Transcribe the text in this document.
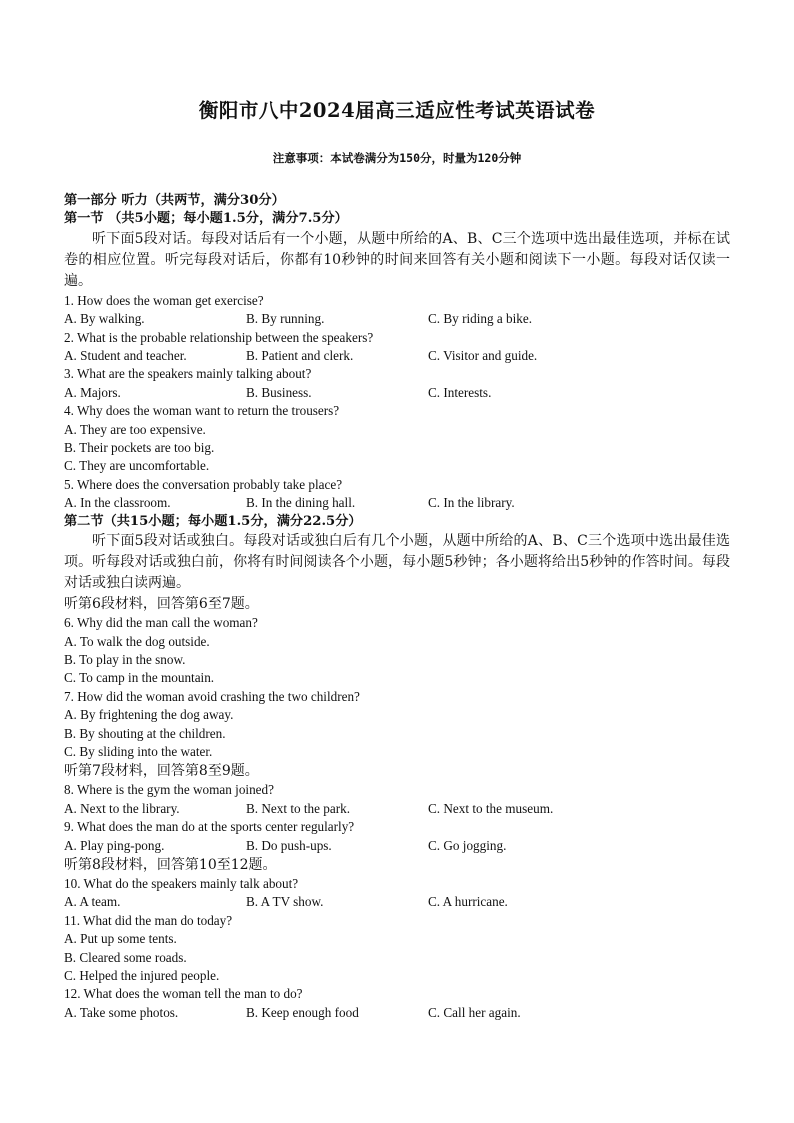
衡阳市八中2024届高三适应性考试英语试卷
注意事项：本试卷满分为150分，时量为120分钟
第一部分 听力（共两节，满分30分）
第一节 （共5小题；每小题1.5分，满分7.5分）
听下面5段对话。每段对话后有一个小题，从题中所给的A、B、C三个选项中选出最佳选项，并标在试卷的相应位置。听完每段对话后，你都有10秒钟的时间来回答有关小题和阅读下一小题。每段对话仅读一遍。
1. How does the woman get exercise?
A. By walking.	B. By running.	C. By riding a bike.
2. What is the probable relationship between the speakers?
A. Student and teacher.	B. Patient and clerk.	C. Visitor and guide.
3. What are the speakers mainly talking about?
A. Majors.	B. Business.	C. Interests.
4. Why does the woman want to return the trousers?
A. They are too expensive.
B. Their pockets are too big.
C. They are uncomfortable.
5. Where does the conversation probably take place?
A. In the classroom.	B. In the dining hall.	C. In the library.
第二节（共15小题；每小题1.5分，满分22.5分）
听下面5段对话或独白。每段对话或独白后有几个小题，从题中所给的A、B、C三个选项中选出最佳选项。听每段对话或独白前，你将有时间阅读各个小题，每小题5秒钟；各小题将给出5秒钟的作答时间。每段对话或独白读两遍。
听第6段材料，回答第6至7题。
6. Why did the man call the woman?
A. To walk the dog outside.
B. To play in the snow.
C. To camp in the mountain.
7. How did the woman avoid crashing the two children?
A. By frightening the dog away.
B. By shouting at the children.
C. By sliding into the water.
听第7段材料，回答第8至9题。
8. Where is the gym the woman joined?
A. Next to the library.	B. Next to the park.	C. Next to the museum.
9. What does the man do at the sports center regularly?
A. Play ping-pong.	B. Do push-ups.	C. Go jogging.
听第8段材料，回答第10至12题。
10. What do the speakers mainly talk about?
A. A team.	B. A TV show.	C. A hurricane.
11. What did the man do today?
A. Put up some tents.
B. Cleared some roads.
C. Helped the injured people.
12. What does the woman tell the man to do?
A. Take some photos.	B. Keep enough food	C. Call her again.
